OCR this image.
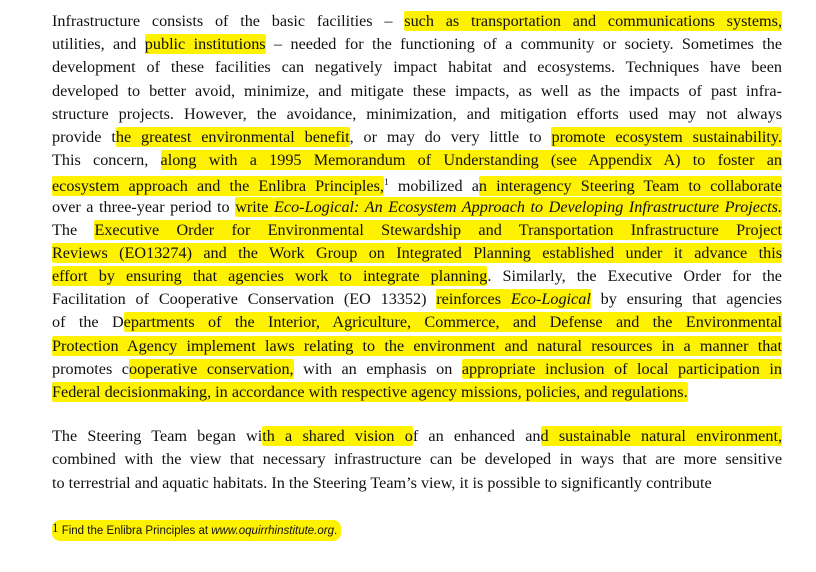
Infrastructure consists of the basic facilities – such as transportation and communications systems,
utilities, and public institutions – needed for the functioning of a community or society. Sometimes the
development of these facilities can negatively impact habitat and ecosystems. Techniques have been
developed to better avoid, minimize, and mitigate these impacts, as well as the impacts of past infra-
structure projects. However, the avoidance, minimization, and mitigation efforts used may not always
provide the greatest environmental benefit, or may do very little to promote ecosystem sustainability.
This concern, along with a 1995 Memorandum of Understanding (see Appendix A) to foster an
ecosystem approach and the Enlibra Principles,$^1$ mobilized an interagency Steering Team to collaborate
over a three-year period to write Eco-Logical: An Ecosystem Approach to Developing Infrastructure Projects.
The Executive Order for Environmental Stewardship and Transportation Infrastructure Project
Reviews (EO13274) and the Work Group on Integrated Planning established under it advance this
effort by ensuring that agencies work to integrate planning. Similarly, the Executive Order for the
Facilitation of Cooperative Conservation (EO 13352) reinforces Eco-Logical by ensuring that agencies
of the Departments of the Interior, Agriculture, Commerce, and Defense and the Environmental
Protection Agency implement laws relating to the environment and natural resources in a manner that
promotes cooperative conservation, with an emphasis on appropriate inclusion of local participation in
Federal decisionmaking, in accordance with respective agency missions, policies, and regulations.
The Steering Team began with a shared vision of an enhanced and sustainable natural environment,
combined with the view that necessary infrastructure can be developed in ways that are more sensitive
to terrestrial and aquatic habitats. In the Steering Team’s view, it is possible to significantly contribute
1 Find the Enlibra Principles at www.oquirrhinstitute.org.
